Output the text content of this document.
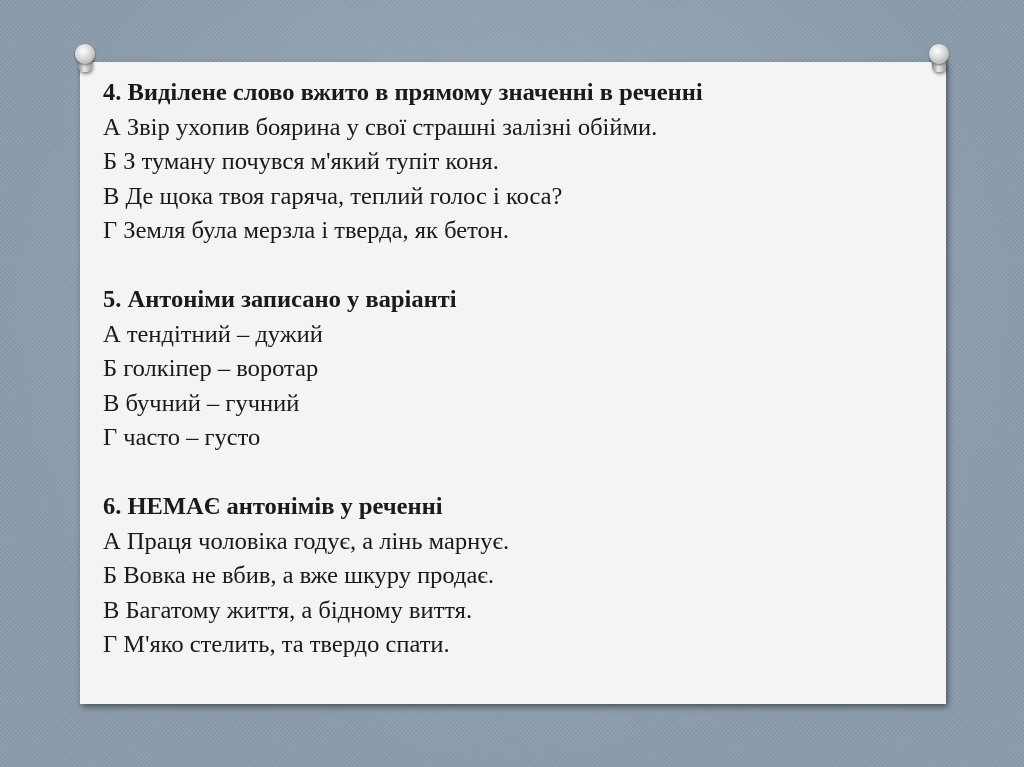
4. Виділене слово вжито в прямому значенні в реченні
А Звір ухопив боярина у свої страшні залізні обійми.
Б З туману почувся м'який тупіт коня.
В Де щока твоя гаряча, теплий голос і коса?
Г Земля була мерзла і тверда, як бетон.
5. Антоніми записано у варіанті
А тендітний – дужий
Б голкіпер – воротар
В бучний – гучний
Г часто – густо
6. НЕМАЄ антонімів у реченні
А Праця чоловіка годує, а лінь марнує.
Б Вовка не вбив, а вже шкуру продає.
В Багатому життя, а бідному виття.
Г М'яко стелить, та твердо спати.
